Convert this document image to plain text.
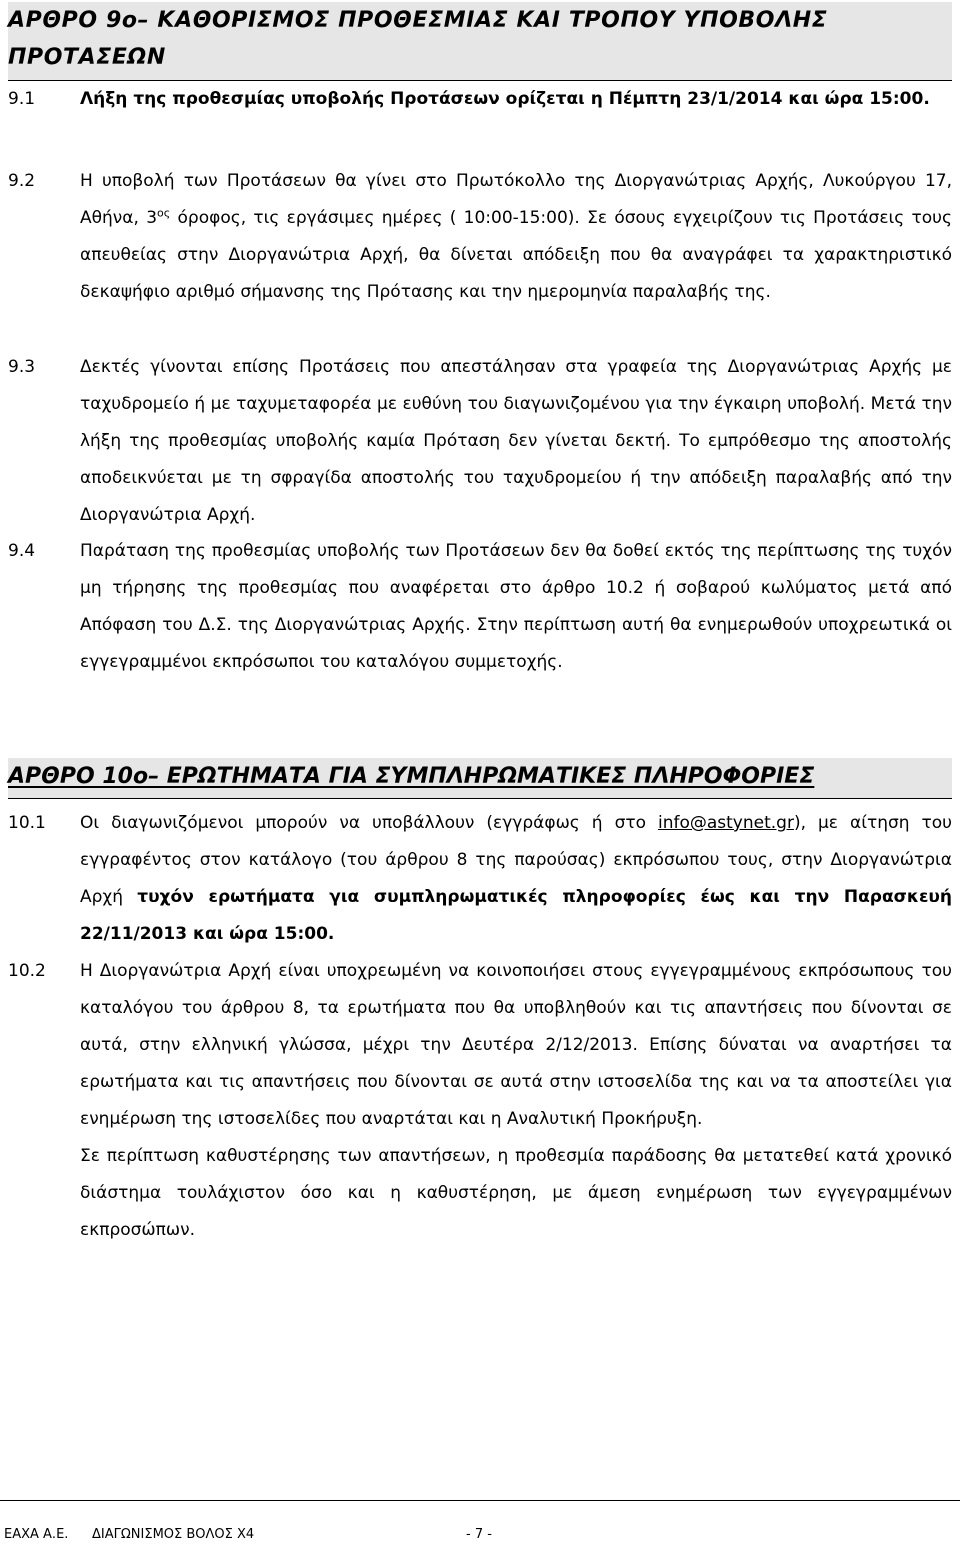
ΑΡΘΡΟ 9ο– ΚΑΘΟΡΙΣΜΟΣ ΠΡΟΘΕΣΜΙΑΣ ΚΑΙ ΤΡΟΠΟΥ ΥΠΟΒΟΛΗΣ
ΠΡΟΤΑΣΕΩΝ
9.1	Λήξη της προθεσμίας υποβολής Προτάσεων ορίζεται η Πέμπτη 23/1/2014 και ώρα 15:00.

9.2	Η υποβολή των Προτάσεων θα γίνει στο Πρωτόκολλο της Διοργανώτριας Αρχής, Λυκούργου 17, Αθήνα, $3^{o\varsigma}$ όροφος, τις εργάσιμες ημέρες ( 10:00-15:00). Σε όσους εγχειρίζουν τις Προτάσεις τους απευθείας στην Διοργανώτρια Αρχή, θα δίνεται απόδειξη που θα αναγράφει τα χαρακτηριστικό δεκαψήφιο αριθμό σήμανσης της Πρότασης και την ημερομηνία παραλαβής της.

9.3	Δεκτές γίνονται επίσης Προτάσεις που απεστάλησαν στα γραφεία της Διοργανώτριας Αρχής με ταχυδρομείο ή με ταχυμεταφορέα με ευθύνη του διαγωνιζομένου για την έγκαιρη υποβολή. Μετά την λήξη της προθεσμίας υποβολής καμία Πρόταση δεν γίνεται δεκτή. Το εμπρόθεσμο της αποστολής αποδεικνύεται με τη σφραγίδα αποστολής του ταχυδρομείου ή την απόδειξη παραλαβής από την Διοργανώτρια Αρχή.

9.4	Παράταση της προθεσμίας υποβολής των Προτάσεων δεν θα δοθεί εκτός της περίπτωσης της τυχόν μη τήρησης της προθεσμίας που αναφέρεται στο άρθρο 10.2 ή σοβαρού κωλύματος μετά από Απόφαση του Δ.Σ. της Διοργανώτριας Αρχής. Στην περίπτωση αυτή θα ενημερωθούν υποχρεωτικά οι εγγεγραμμένοι εκπρόσωποι του καταλόγου συμμετοχής.

ΑΡΘΡΟ 10ο– ΕΡΩΤΗΜΑΤΑ ΓΙΑ ΣΥΜΠΛΗΡΩΜΑΤΙΚΕΣ ΠΛΗΡΟΦΟΡΙΕΣ
10.1 Οι διαγωνιζόμενοι μπορούν να υποβάλλουν (εγγράφως ή στο info@astynet.gr), με αίτηση του εγγραφέντος στον κατάλογο (του άρθρου 8 της παρούσας) εκπρόσωπου τους, στην Διοργανώτρια Αρχή τυχόν ερωτήματα για συμπληρωματικές πληροφορίες έως και την Παρασκευή 22/11/2013 και ώρα 15:00.

10.2 Η Διοργανώτρια Αρχή είναι υποχρεωμένη να κοινοποιήσει στους εγγεγραμμένους εκπρόσωπους του καταλόγου του άρθρου 8, τα ερωτήματα που θα υποβληθούν και τις απαντήσεις που δίνονται σε αυτά, στην ελληνική γλώσσα, μέχρι την Δευτέρα 2/12/2013. Επίσης δύναται να αναρτήσει τα ερωτήματα και τις απαντήσεις που δίνονται σε αυτά στην ιστοσελίδα της και να τα αποστείλει για ενημέρωση της ιστοσελίδες που αναρτάται και η Αναλυτική Προκήρυξη.

Σε περίπτωση καθυστέρησης των απαντήσεων, η προθεσμία παράδοσης θα μετατεθεί κατά χρονικό διάστημα τουλάχιστον όσο και η καθυστέρηση, με άμεση ενημέρωση των εγγεγραμμένων εκπροσώπων.

ΕΑΧΑ Α.Ε. ΔΙΑΓΩΝΙΣΜΟΣ ΒΟΛΟΣ Χ4	- 7 -
